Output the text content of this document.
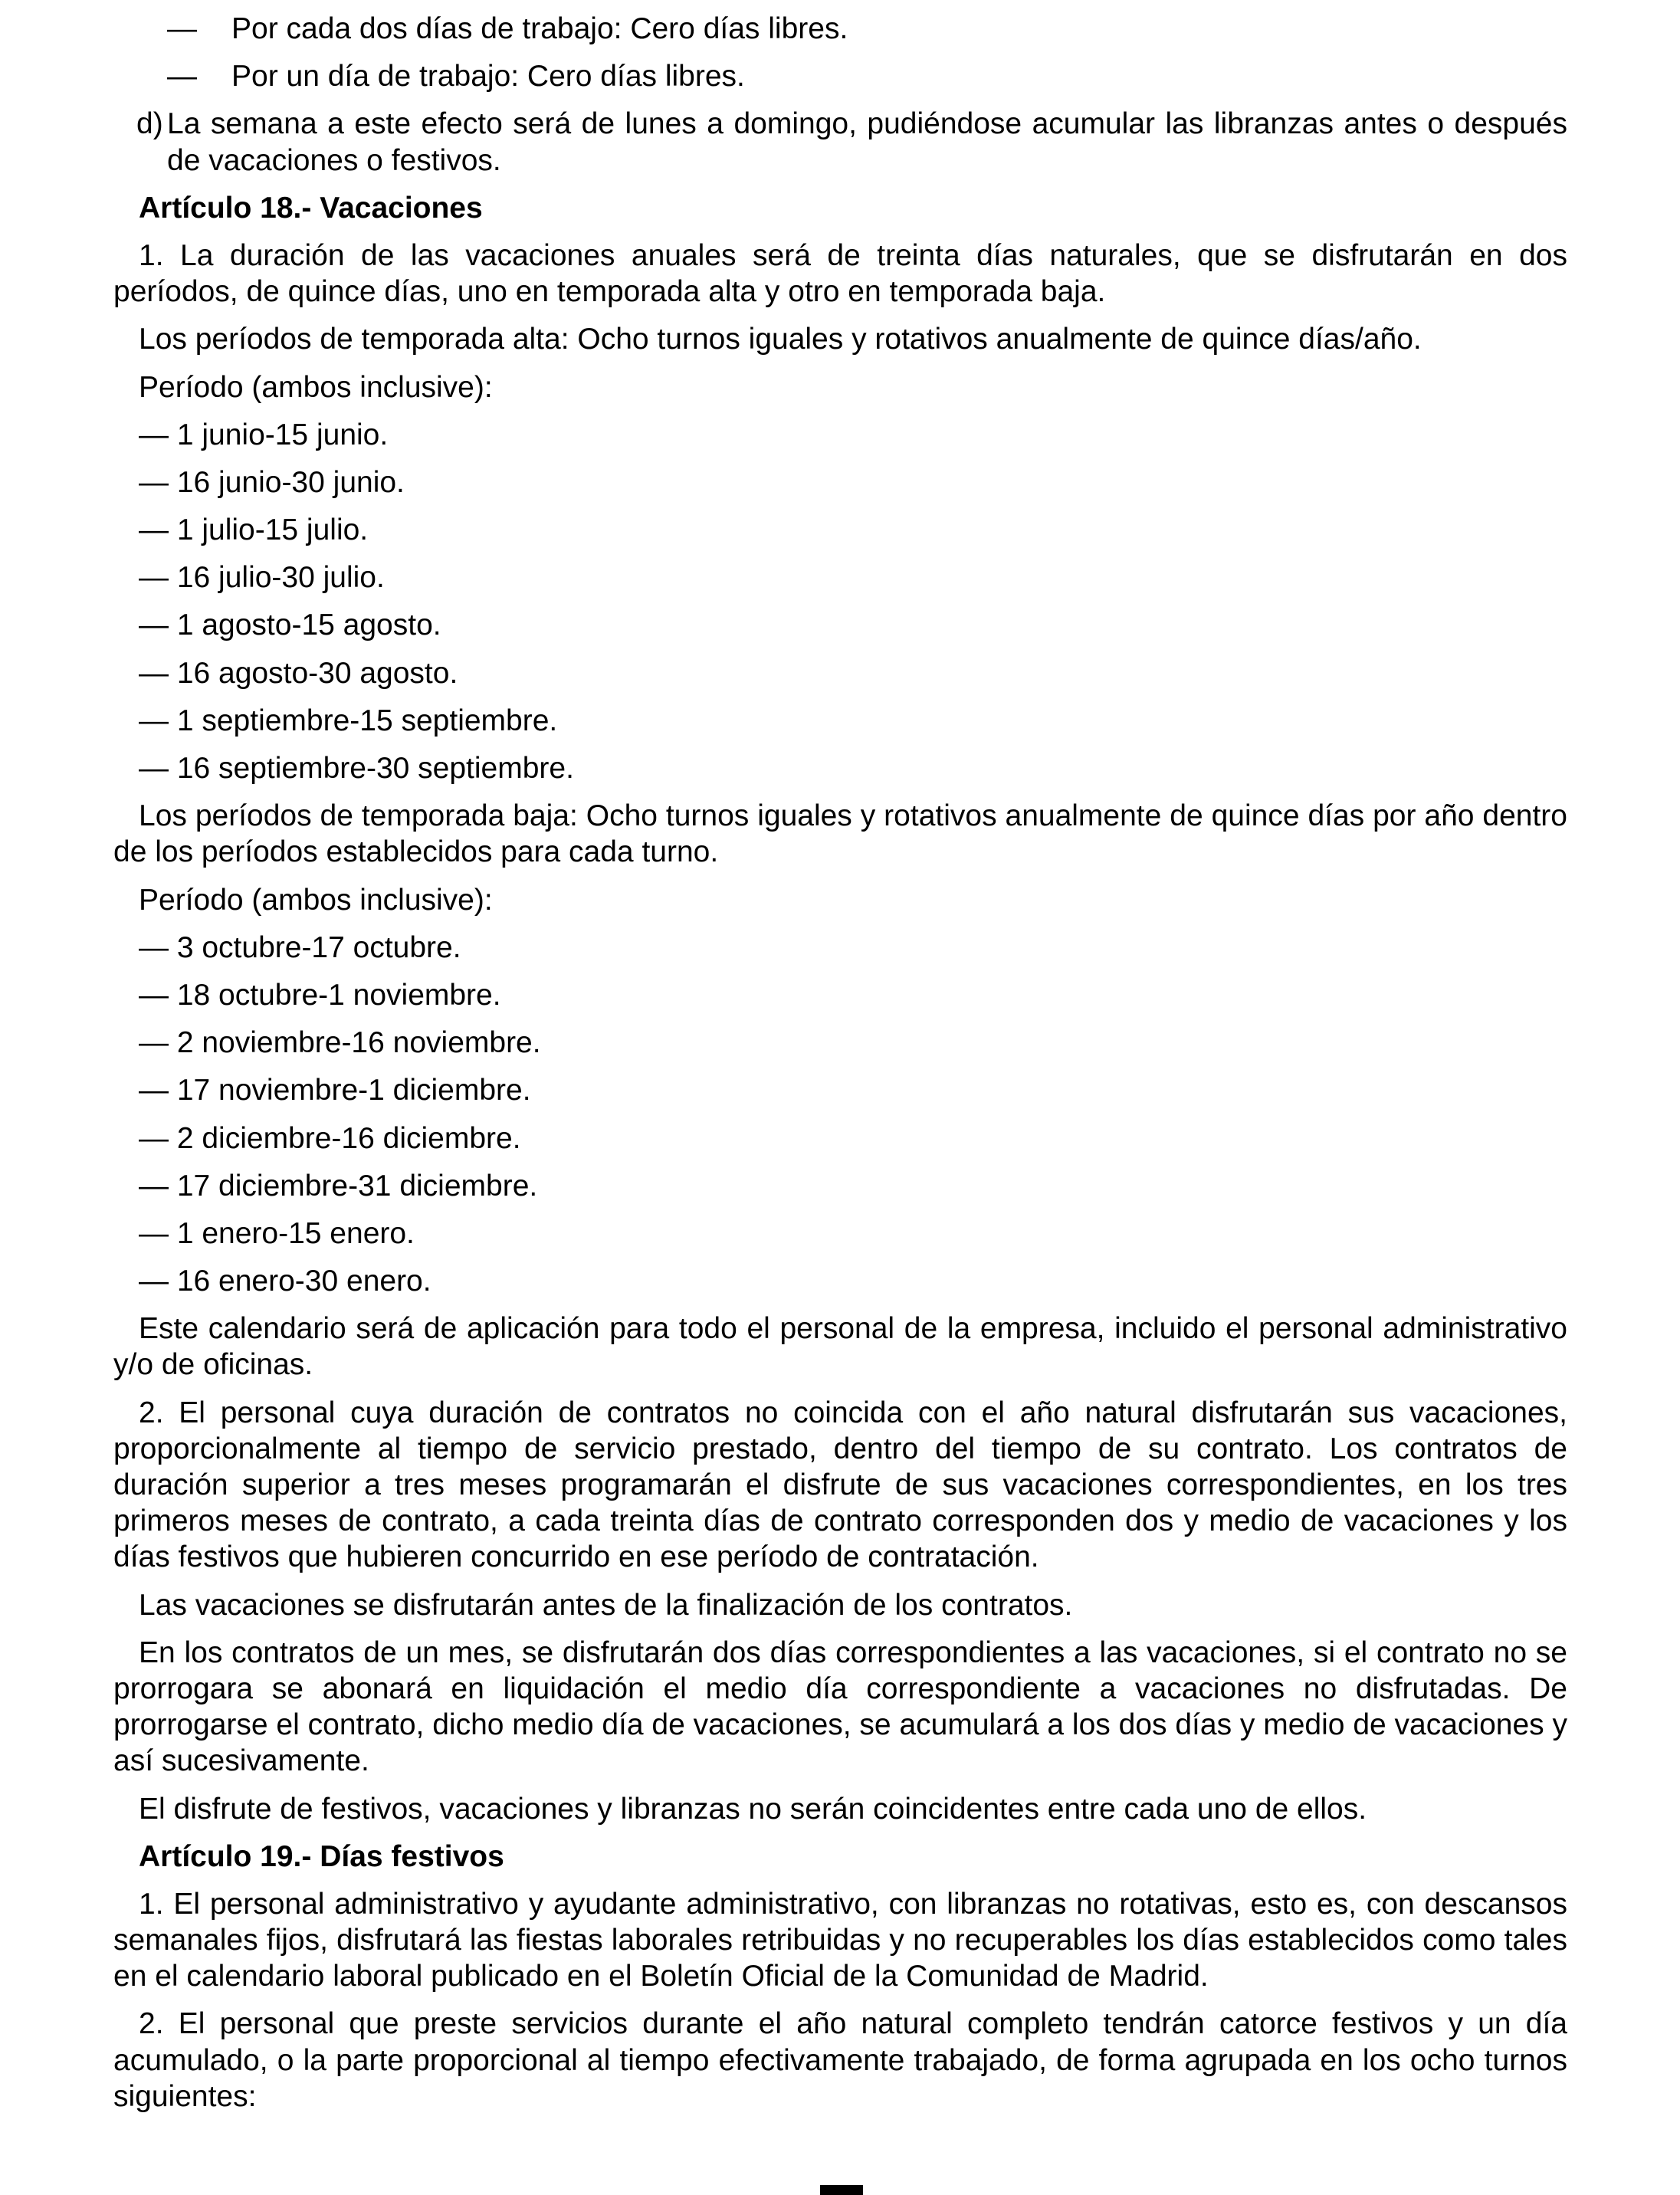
—	Por cada dos días de trabajo: Cero días libres.
—	Por un día de trabajo: Cero días libres.
d) La semana a este efecto será de lunes a domingo, pudiéndose acumular las libranzas antes o después de vacaciones o festivos.
Artículo 18.- Vacaciones

1. La duración de las vacaciones anuales será de treinta días naturales, que se disfrutarán en dos períodos, de quince días, uno en temporada alta y otro en temporada baja.

Los períodos de temporada alta: Ocho turnos iguales y rotativos anualmente de quince días/año.

Período (ambos inclusive):

— 1 junio-15 junio.
— 16 junio-30 junio.
— 1 julio-15 julio.
— 16 julio-30 julio.
— 1 agosto-15 agosto.
— 16 agosto-30 agosto.
— 1 septiembre-15 septiembre.
— 16 septiembre-30 septiembre.

Los períodos de temporada baja: Ocho turnos iguales y rotativos anualmente de quince días por año dentro de los períodos establecidos para cada turno.

Período (ambos inclusive):

— 3 octubre-17 octubre.
— 18 octubre-1 noviembre.
— 2 noviembre-16 noviembre.
— 17 noviembre-1 diciembre.
— 2 diciembre-16 diciembre.
— 17 diciembre-31 diciembre.
— 1 enero-15 enero.
— 16 enero-30 enero.

Este calendario será de aplicación para todo el personal de la empresa, incluido el personal administrativo y/o de oficinas.

2. El personal cuya duración de contratos no coincida con el año natural disfrutarán sus vacaciones, proporcionalmente al tiempo de servicio prestado, dentro del tiempo de su contrato. Los contratos de duración superior a tres meses programarán el disfrute de sus vacaciones correspondientes, en los tres primeros meses de contrato, a cada treinta días de contrato corresponden dos y medio de vacaciones y los días festivos que hubieren concurrido en ese período de contratación.

Las vacaciones se disfrutarán antes de la finalización de los contratos.

En los contratos de un mes, se disfrutarán dos días correspondientes a las vacaciones, si el contrato no se prorrogara se abonará en liquidación el medio día correspondiente a vacaciones no disfrutadas. De prorrogarse el contrato, dicho medio día de vacaciones, se acumulará a los dos días y medio de vacaciones y así sucesivamente.

El disfrute de festivos, vacaciones y libranzas no serán coincidentes entre cada uno de ellos.

Artículo 19.- Días festivos

1. El personal administrativo y ayudante administrativo, con libranzas no rotativas, esto es, con descansos semanales fijos, disfrutará las fiestas laborales retribuidas y no recuperables los días establecidos como tales en el calendario laboral publicado en el Boletín Oficial de la Comunidad de Madrid.

2. El personal que preste servicios durante el año natural completo tendrán catorce festivos y un día acumulado, o la parte proporcional al tiempo efectivamente trabajado, de forma agrupada en los ocho turnos siguientes:
